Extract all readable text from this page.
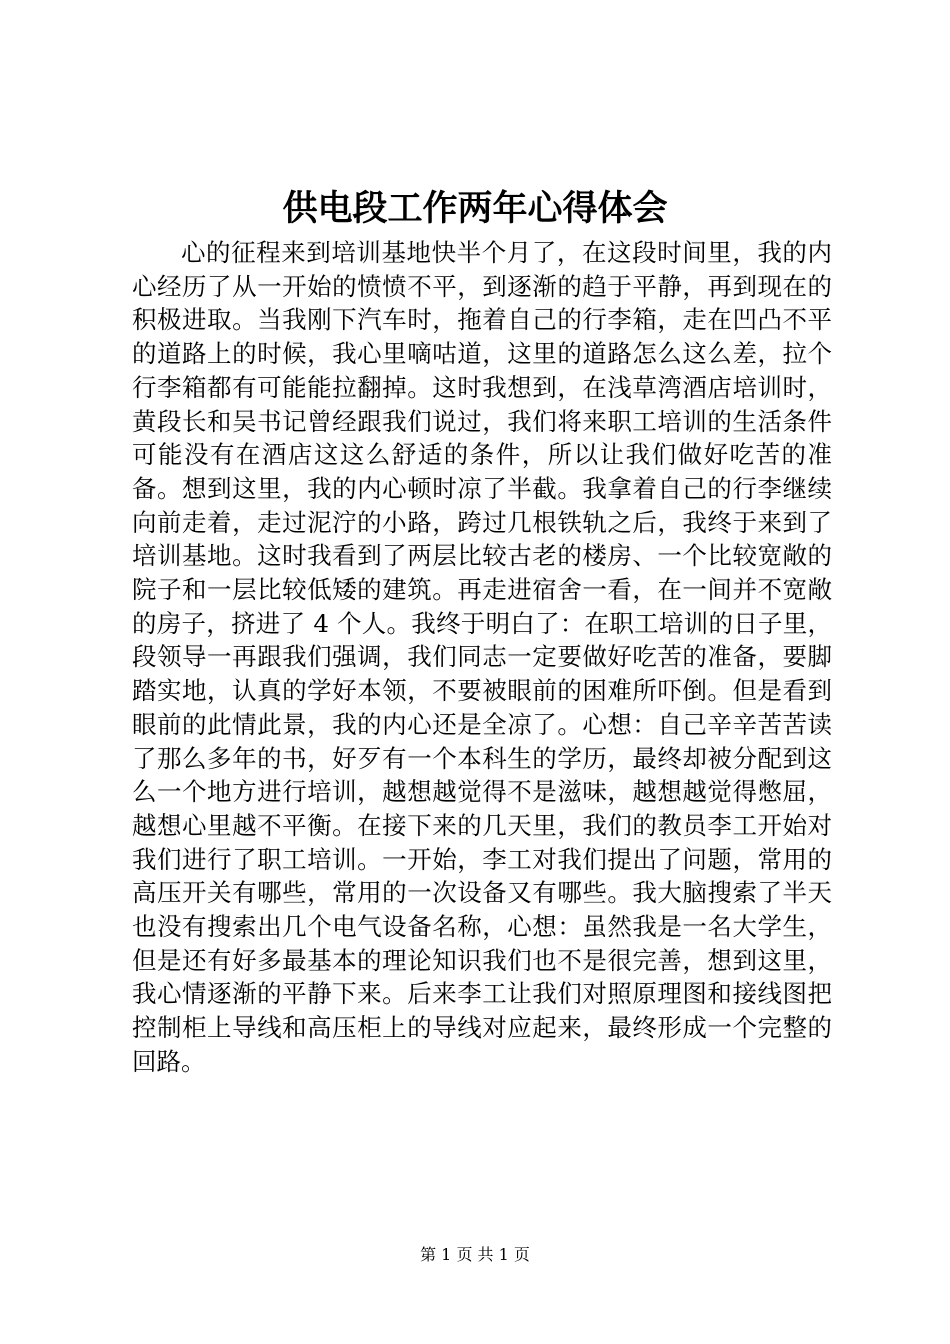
供电段工作两年心得体会

心的征程来到培训基地快半个月了，在这段时间里，我的内心经历了从一开始的愤愤不平，到逐渐的趋于平静，再到现在的积极进取。当我刚下汽车时，拖着自己的行李箱，走在凹凸不平的道路上的时候，我心里嘀咕道，这里的道路怎么这么差，拉个行李箱都有可能能拉翻掉。这时我想到，在浅草湾酒店培训时，黄段长和吴书记曾经跟我们说过，我们将来职工培训的生活条件可能没有在酒店这这么舒适的条件，所以让我们做好吃苦的准备。想到这里，我的内心顿时凉了半截。我拿着自己的行李继续向前走着，走过泥泞的小路，跨过几根铁轨之后，我终于来到了培训基地。这时我看到了两层比较古老的楼房、一个比较宽敞的院子和一层比较低矮的建筑。再走进宿舍一看，在一间并不宽敞的房子，挤进了 4 个人。我终于明白了：在职工培训的日子里，段领导一再跟我们强调，我们同志一定要做好吃苦的准备，要脚踏实地，认真的学好本领，不要被眼前的困难所吓倒。但是看到眼前的此情此景，我的内心还是全凉了。心想：自己辛辛苦苦读了那么多年的书，好歹有一个本科生的学历，最终却被分配到这么一个地方进行培训，越想越觉得不是滋味，越想越觉得憋屈，越想心里越不平衡。在接下来的几天里，我们的教员李工开始对我们进行了职工培训。一开始，李工对我们提出了问题，常用的高压开关有哪些，常用的一次设备又有哪些。我大脑搜索了半天也没有搜索出几个电气设备名称，心想：虽然我是一名大学生，但是还有好多最基本的理论知识我们也不是很完善，想到这里，我心情逐渐的平静下来。后来李工让我们对照原理图和接线图把控制柜上导线和高压柜上的导线对应起来，最终形成一个完整的回路。

第 1 页 共 1 页
